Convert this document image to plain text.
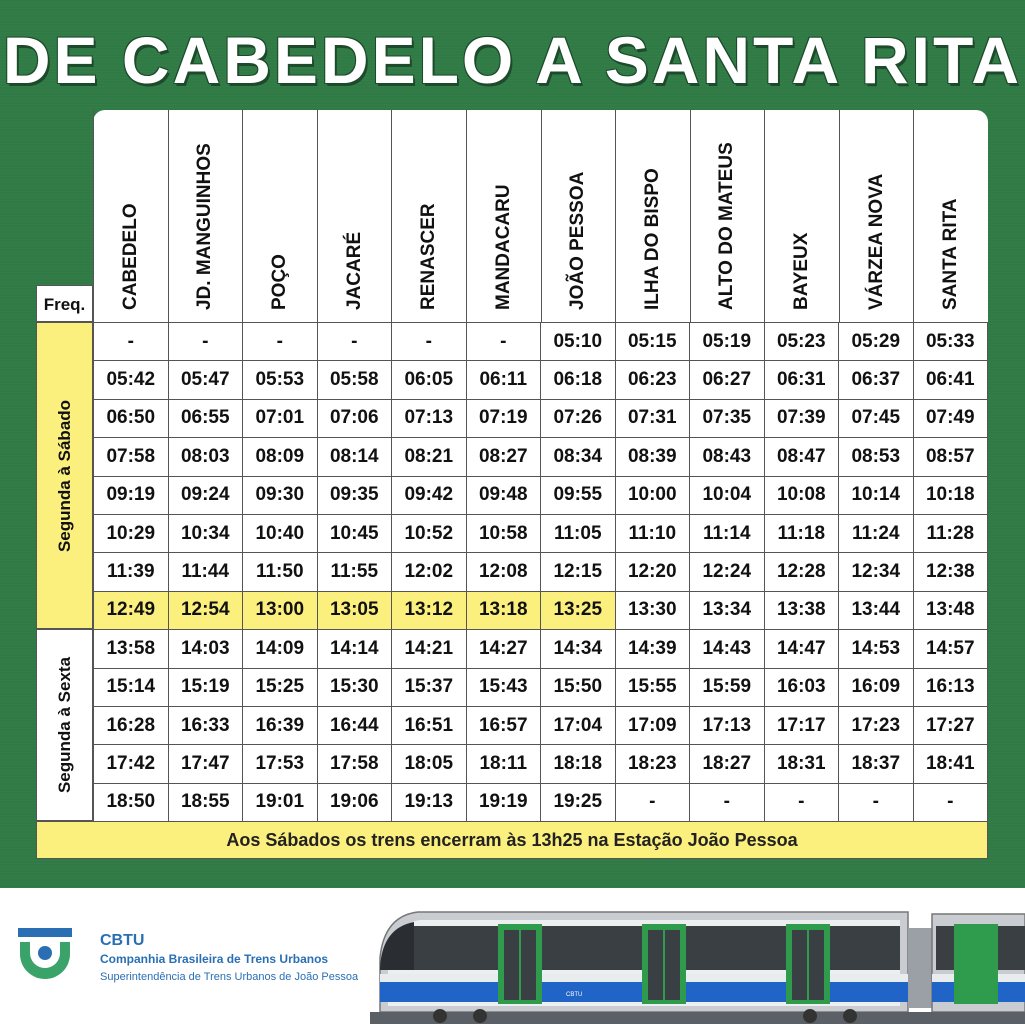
DE CABEDELO A SANTA RITA
Freq.	CABEDELO	JD. MANGUINHOS	POÇO	JACARÉ	RENASCER	MANDACARU	JOÃO PESSOA	ILHA DO BISPO	ALTO DO MATEUS	BAYEUX	VÁRZEA NOVA	SANTA RITA
-	-	-	-	-	-	05:10	05:15	05:19	05:23	05:29	05:33
05:42	05:47	05:53	05:58	06:05	06:11	06:18	06:23	06:27	06:31	06:37	06:41
06:50	06:55	07:01	07:06	07:13	07:19	07:26	07:31	07:35	07:39	07:45	07:49
07:58	08:03	08:09	08:14	08:21	08:27	08:34	08:39	08:43	08:47	08:53	08:57
09:19	09:24	09:30	09:35	09:42	09:48	09:55	10:00	10:04	10:08	10:14	10:18
10:29	10:34	10:40	10:45	10:52	10:58	11:05	11:10	11:14	11:18	11:24	11:28
11:39	11:44	11:50	11:55	12:02	12:08	12:15	12:20	12:24	12:28	12:34	12:38
12:49	12:54	13:00	13:05	13:12	13:18	13:25	13:30	13:34	13:38	13:44	13:48
13:58	14:03	14:09	14:14	14:21	14:27	14:34	14:39	14:43	14:47	14:53	14:57
15:14	15:19	15:25	15:30	15:37	15:43	15:50	15:55	15:59	16:03	16:09	16:13
16:28	16:33	16:39	16:44	16:51	16:57	17:04	17:09	17:13	17:17	17:23	17:27
17:42	17:47	17:53	17:58	18:05	18:11	18:18	18:23	18:27	18:31	18:37	18:41
18:50	18:55	19:01	19:06	19:13	19:19	19:25	-	-	-	-	-
Segunda à Sábado
Segunda à Sexta
Aos Sábados os trens encerram às 13h25 na Estação João Pessoa
CBTU
Companhia Brasileira de Trens Urbanos
Superintendência de Trens Urbanos de João Pessoa
CBTU
